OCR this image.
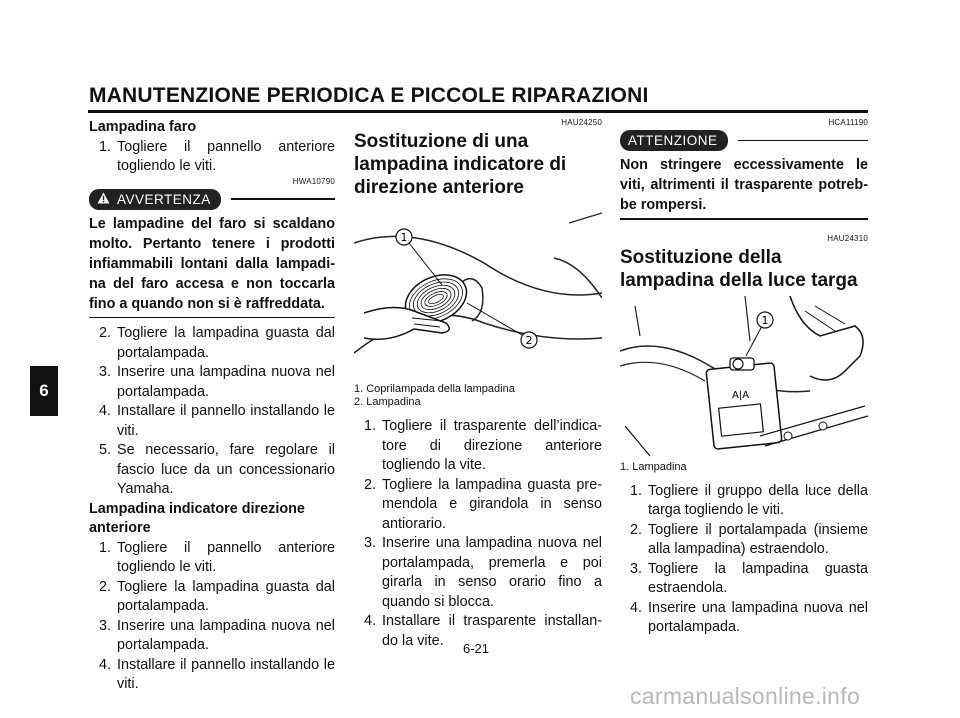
MANUTENZIONE PERIODICA E PICCOLE RIPARAZIONI
6
Lampadina faro
1. Togliere il pannello anteriore togliendo le viti.
HWA10790
AVVERTENZA
Le lampadine del faro si scaldano molto. Pertanto tenere i prodotti infiammabili lontani dalla lampadi-na del faro accesa e non toccarla fino a quando non si è raffreddata.
2. Togliere la lampadina guasta dal portalampada.
3. Inserire una lampadina nuova nel portalampada.
4. Installare il pannello installando le viti.
5. Se necessario, fare regolare il fascio luce da un concessionario Yamaha.
Lampadina indicatore direzione anteriore
1. Togliere il pannello anteriore togliendo le viti.
2. Togliere la lampadina guasta dal portalampada.
3. Inserire una lampadina nuova nel portalampada.
4. Installare il pannello installando le viti.
HAU24250
Sostituzione di una lampadina indicatore di direzione anteriore
1
2
1. Coprilampada della lampadina
2. Lampadina
1. Togliere il trasparente dell’indica-tore di direzione anteriore togliendo la vite.
2. Togliere la lampadina guasta pre-mendola e girandola in senso antiorario.
3. Inserire una lampadina nuova nel portalampada, premerla e poi girarla in senso orario fino a quando si blocca.
4. Installare il trasparente installan-do la vite.
HCA11190
ATTENZIONE
Non stringere eccessivamente le viti, altrimenti il trasparente potreb-be rompersi.
HAU24310
Sostituzione della lampadina della luce targa
A|A
1
1. Lampadina
1. Togliere il gruppo della luce della targa togliendo le viti.
2. Togliere il portalampada (insieme alla lampadina) estraendolo.
3. Togliere la lampadina guasta estraendola.
4. Inserire una lampadina nuova nel portalampada.
6-21
carmanualsonline.info
